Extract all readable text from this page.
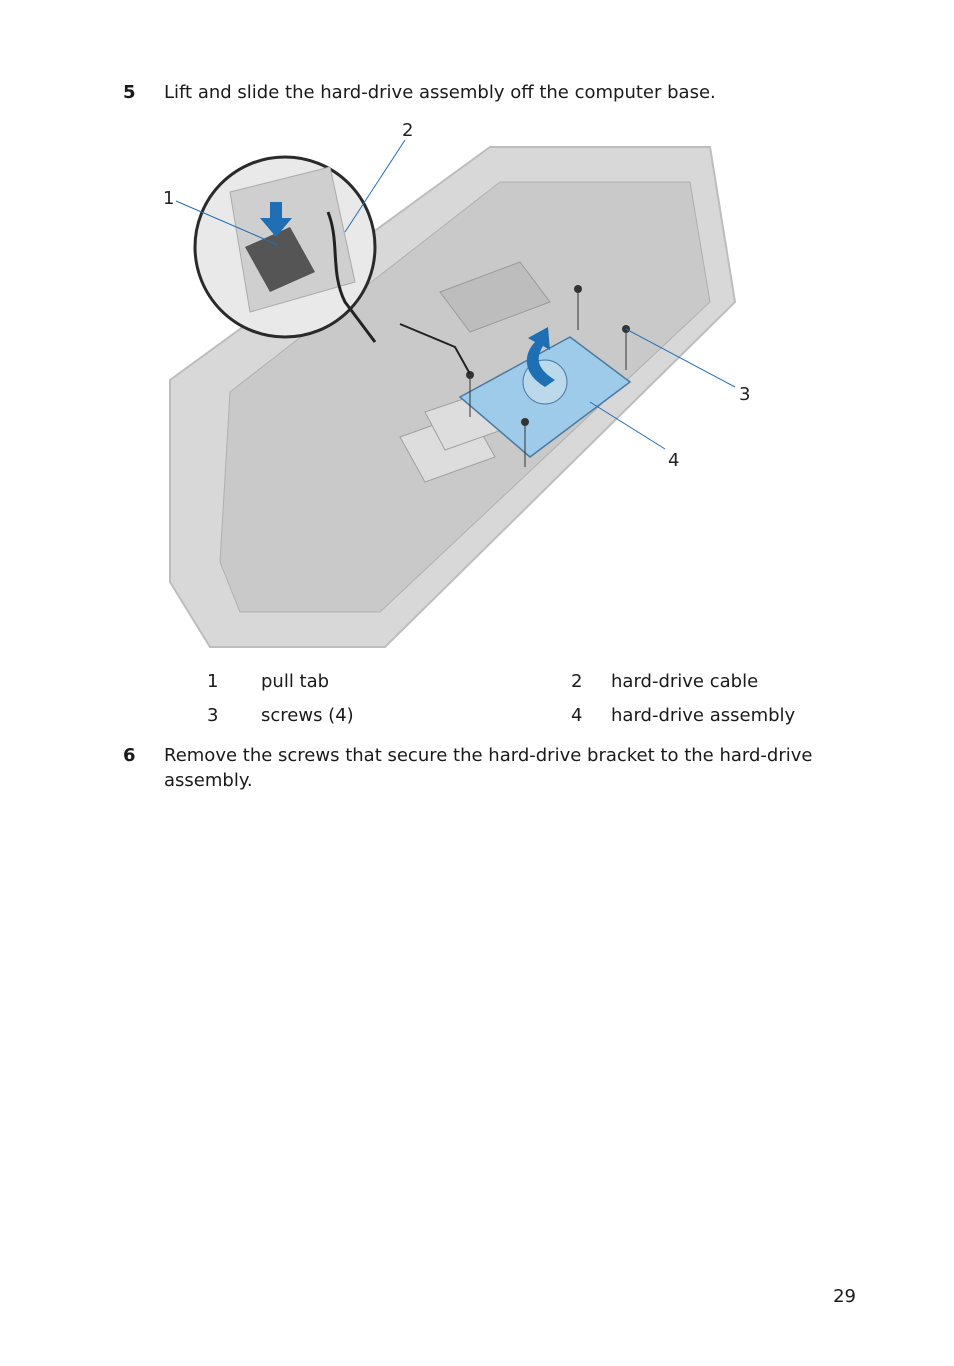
5	Lift and slide the hard-drive assembly off the computer base.
1
2
3
4
1	pull tab	2	hard-drive cable
3	screws (4)	4	hard-drive assembly
6	Remove the screws that secure the hard-drive bracket to the hard-drive assembly.
29
